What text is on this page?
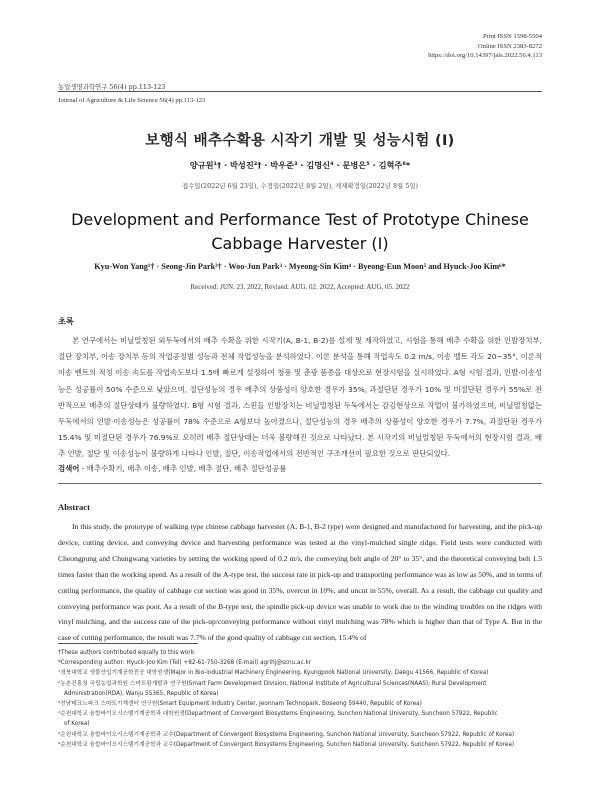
Print ISSN 1598-5504
Online ISSN 2383-8272
https://doi.org/10.14397/jals.2022.56.4.113
농업생명과학연구 56(4) pp.113-123
Journal of Agriculture & Life Science 56(4) pp.113-123
보행식 배추수확용 시작기 개발 및 성능시험 (Ⅰ)
양규원¹† · 박성진²† · 박우준³ · 김명신⁴ · 문병은⁵ · 김혁주⁶*
접수일(2022년 6월 23일), 수정일(2022년 8월 2일), 게재확정일(2022년 8월 5일)
Development and Performance Test of Prototype Chinese Cabbage Harvester (Ⅰ)
Kyu-Won Yang¹† · Seong-Jin Park²† · Woo-Jun Park³ · Myeong-Sin Kim⁴ · Byeong-Eun Moon⁵ and Hyuck-Joo Kim⁶*
Received: JUN. 23. 2022, Revised: AUG. 02. 2022, Accepted: AUG. 05. 2022
초록
본 연구에서는 비닐멀칭된 외두둑에서의 배추 수확을 위한 시작기(A, B-1, B-2)를 설계 및 제작하였고, 시험을 통해 배추 수확을 위한 인발장치부, 절단 장치부, 이송 장치부 등의 작업공정별 성능과 전체 작업성능을 분석하였다. 이론 분석을 통해 작업속도 0.2 m/s, 이송 벨트 각도 20∼35°, 이론적 이송 벤트의 적정 이송 속도를 작업속도보다 1.5배 빠르게 설정하여 청풍 및 춘광 품종을 대상으로 현장시험을 실시하였다. A형 시험 결과, 인발·이송성능은 성공률이 50% 수준으로 낮았으며, 절단성능의 경우 배추의 상품성이 양호한 경우가 35%, 과절단된 경우가 10% 및 미절단된 경우가 55%로 전반적으로 배추의 절단상태가 불량하였다. B형 시험 결과, 스핀들 인발장치는 비닐멀칭된 두둑에서는 감김현상으로 작업이 불가하였으며, 비닐멀칭없는 두둑에서의 인발·이송성능은 성공률이 78% 수준으로 A형보다 높아졌으나, 절단성능의 경우 배추의 상품성이 양호한 경우가 7.7%, 과절단된 경우가 15.4% 및 미절단된 경우가 76.9%로 오히려 배추 절단상태는 더욱 불량해진 것으로 나타났다. 본 시작기의 비닐멀칭된 두둑에서의 현장시험 결과, 배추 인발, 절단 및 이송성능이 불량하게 나타나 인발, 절단, 이송작업에서의 전반적인 구조개선이 필요한 것으로 판단되었다.
검색어 - 배추수확기, 배추 이송, 배추 인발, 배추 절단, 배추 절단성공률
Abstract
In this study, the prototype of walking type chinese cabbage harvester (A, B-1, B-2 type) were designed and manufactured for harvesting, and the pick-up device, cutting device, and conveying device and harvesting performance was tested at the vinyl-mulched single ridge. Field tests were conducted with Cheongpung and Chungwang varieties by setting the working speed of 0.2 m/s, the conveying belt angle of 20° to 35°, and the theoretical conveying belt 1.5 times faster than the working speed. As a result of the A-type test, the success rate in pick-up and transporting performance was as low as 50%, and in terms of cutting performance, the quality of cabbage cut section was good in 35%, overcut in 10%, and uncut in 55%, overall. As a result, the cabbage cut quality and conveying performance was poor. As a result of the B-type test, the spindle pick-up device was unable to work due to the winding troubles on the ridges with vinyl mulching, and the success rate of the pick-up/conveying performance without vinyl mulching was 78% which is higher than that of Type A. But in the case of cutting performance, the result was 7.7% of the good quality of cabbage cut section, 15.4% of

†These authors contributed equally to this work.

*Corresponding author: Hyuck-Joo Kim (Tel) +82-61-750-3268 (E-mail) agrihj@scnu.ac.kr

¹경북대학교 생물산업기계공학전공 대학원생(Major in Bio-industrial Machinery Engineering, Kyungpook National University, Daegu 41566, Republic of Korea)

²농촌진흥청 국립농업과학원 스마트팜개발과 연구원(Smart Farm Development Division, National Institute of Agricultural Sciences(NAAS), Rural Development

Administration(RDA), Wanju 55365, Republic of Korea)

³전남테크노파크 스마트기계센터 연구원(Smart Equipment Industry Center, Jeonnam Technopark, Boseong 59440, Republic of Korea)

⁴순천대학교 융합바이오시스템기계공학과 대학원생(Department of Convergent Biosystems Engineering, Sunchon National University, Suncheon 57922, Republic

of Korea)

⁵순천대학교 융합바이오시스템기계공학과 교수(Department of Convergent Biosystems Engineering, Sunchon National University, Suncheon 57922, Republic of Korea)

⁶순천대학교 융합바이오시스템기계공학과 교수(Department of Convergent Biosystems Engineering, Sunchon National University, Suncheon 57922, Republic of Korea)
